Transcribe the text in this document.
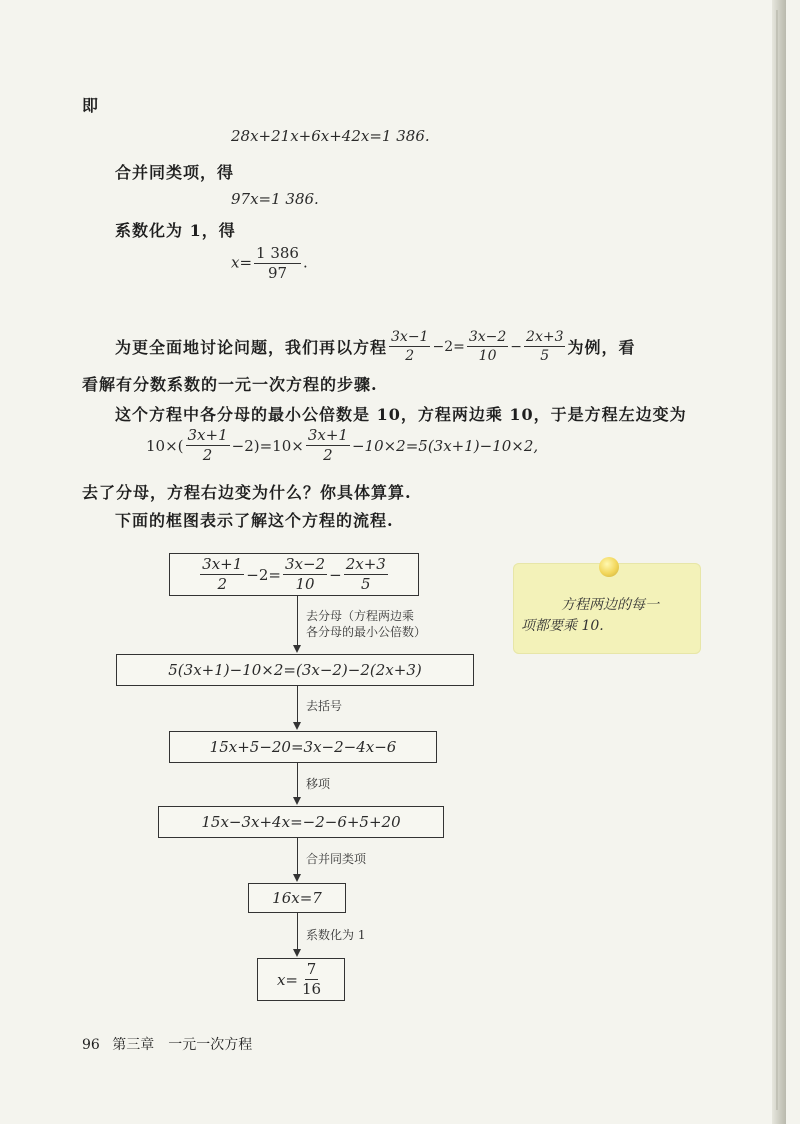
即
28x+21x+6x+42x=1 386.
合并同类项，得
97x=1 386.
系数化为 1，得
$x= \frac{1 386}{97}$ .
为更全面地讨论问题，我们再以方程 $\frac{3x-1}{2} -2= \frac{3x-2}{10} - \frac{2x+3}{5}$ 为例，看
看解有分数系数的一元一次方程的步骤.
这个方程中各分母的最小公倍数是 10，方程两边乘 10，于是方程左边变为
$10\times( \frac{3x+1}{2} -2)=10\times \frac{3x+1}{2} -10\times 2=5(3x+1)-10\times 2$,
去了分母，方程右边变为什么？你具体算算.
下面的框图表示了解这个方程的流程.
$\frac{3x+1}{2} -2= \frac{3x-2}{10} - \frac{2x+3}{5}$
去分母（方程两边乘
各分母的最小公倍数）
5(3x+1)−10×2=(3x−2)−2(2x+3)
去括号
15x+5−20=3x−2−4x−6
移项
15x−3x+4x=−2−6+5+20
合并同类项
16x=7
系数化为 1
$x= \frac{7}{16}$
方程两边的每一
项都要乘 10.
96 第三章　一元一次方程
